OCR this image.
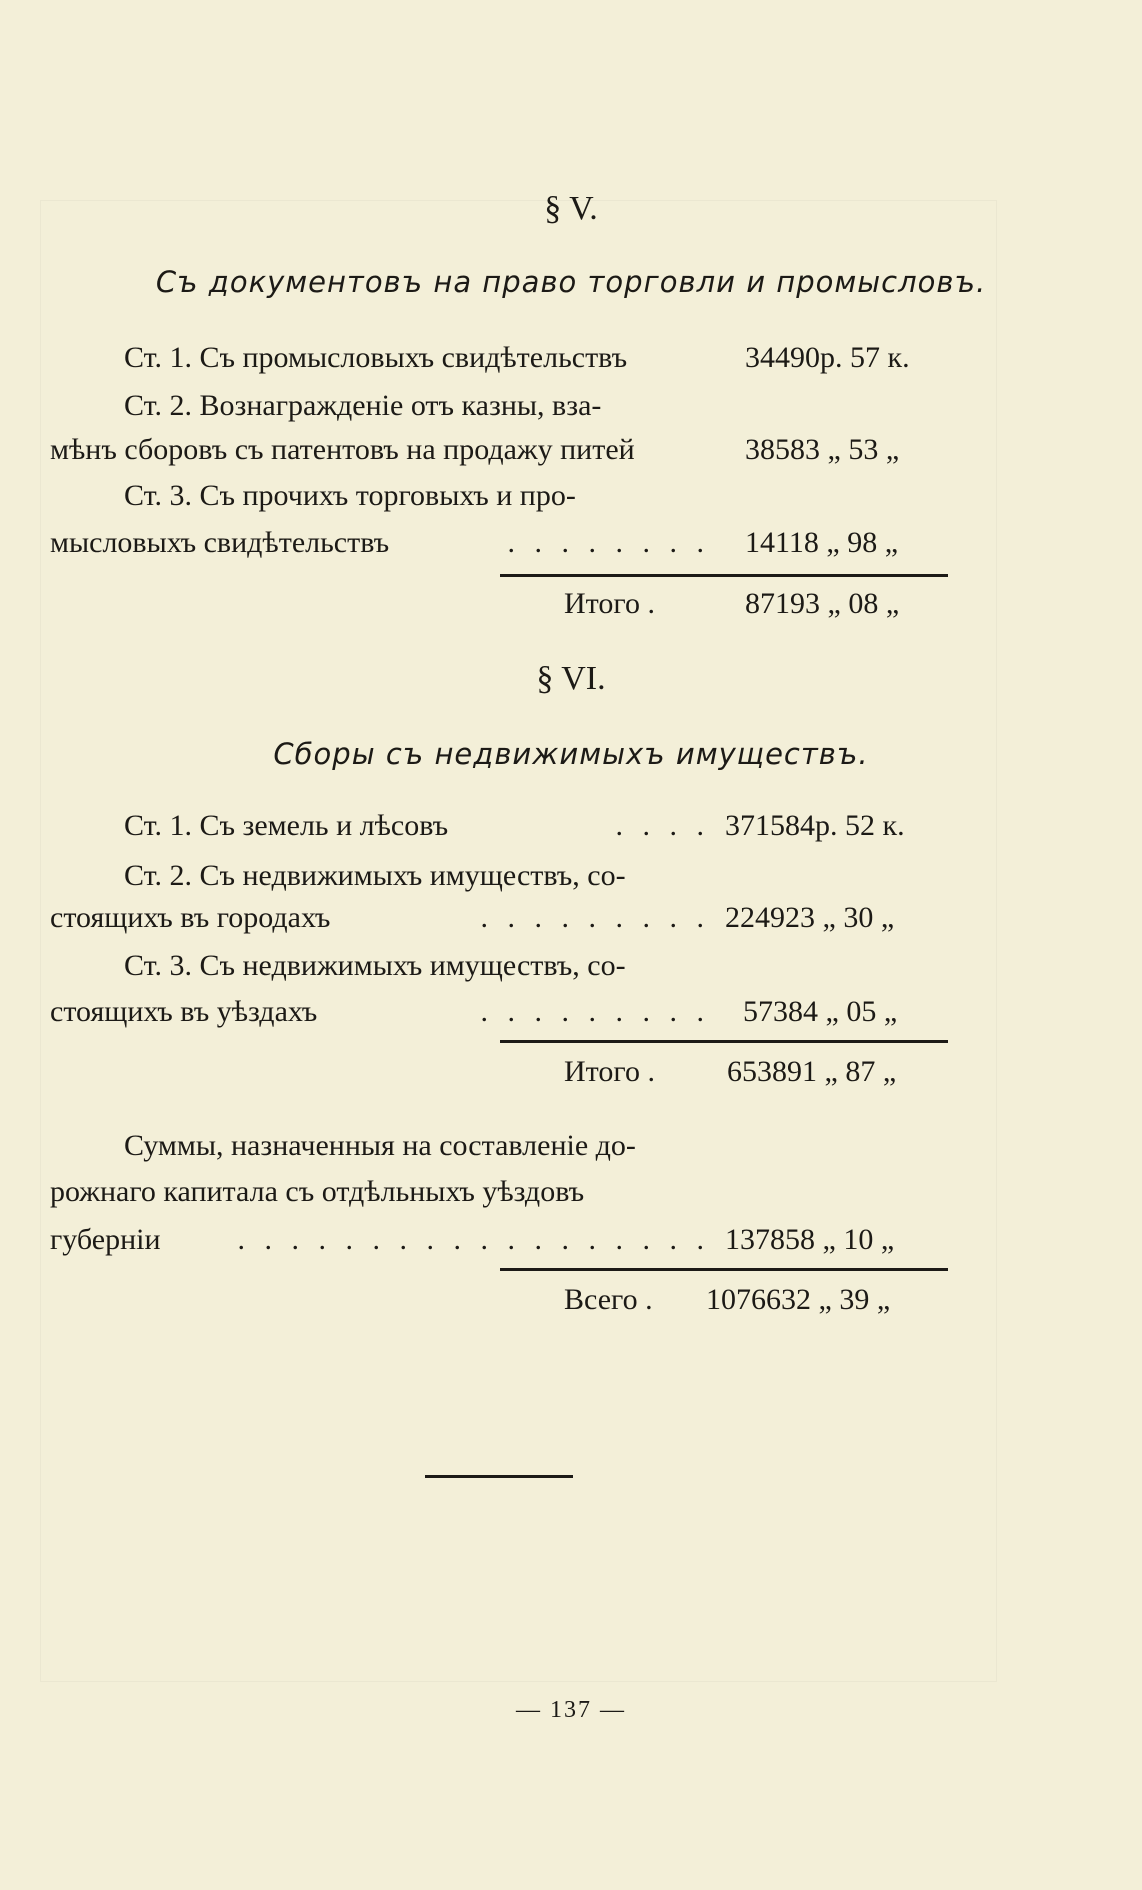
§ V.
Съ документовъ на право торговли и промысловъ.
Ст. 1. Съ промысловыхъ свидѣтельствъ	34490р. 57 к.
Ст. 2. Вознагражденіе отъ казны, вза-
мѣнъ сборовъ съ патентовъ на продажу питей	38583 „ 53 „
Ст. 3. Съ прочихъ торговыхъ и про-
мысловыхъ свидѣтельствъ	. . . . . . . . 14118 „ 98 „
Итого .	87193 „ 08 „
§ VI.
Сборы съ недвижимыхъ имуществъ.
Ст. 1. Съ земель и лѣсовъ	. . . . 371584р. 52 к.
Ст. 2. Съ недвижимыхъ имуществъ, со-
стоящихъ въ городахъ	. . . . . . . . . 224923 „ 30 „
Ст. 3. Съ недвижимыхъ имуществъ, со-
стоящихъ въ уѣздахъ	. . . . . . . . . 57384 „ 05 „
Итого . 653891 „ 87 „
Суммы, назначенныя на составленіе до-
рожнаго капитала съ отдѣльныхъ уѣздовъ
губерніи	. . . . . . . . . . . . . . . . . . 137858 „ 10 „
Всего . 1076632 „ 39 „
— 137 —
